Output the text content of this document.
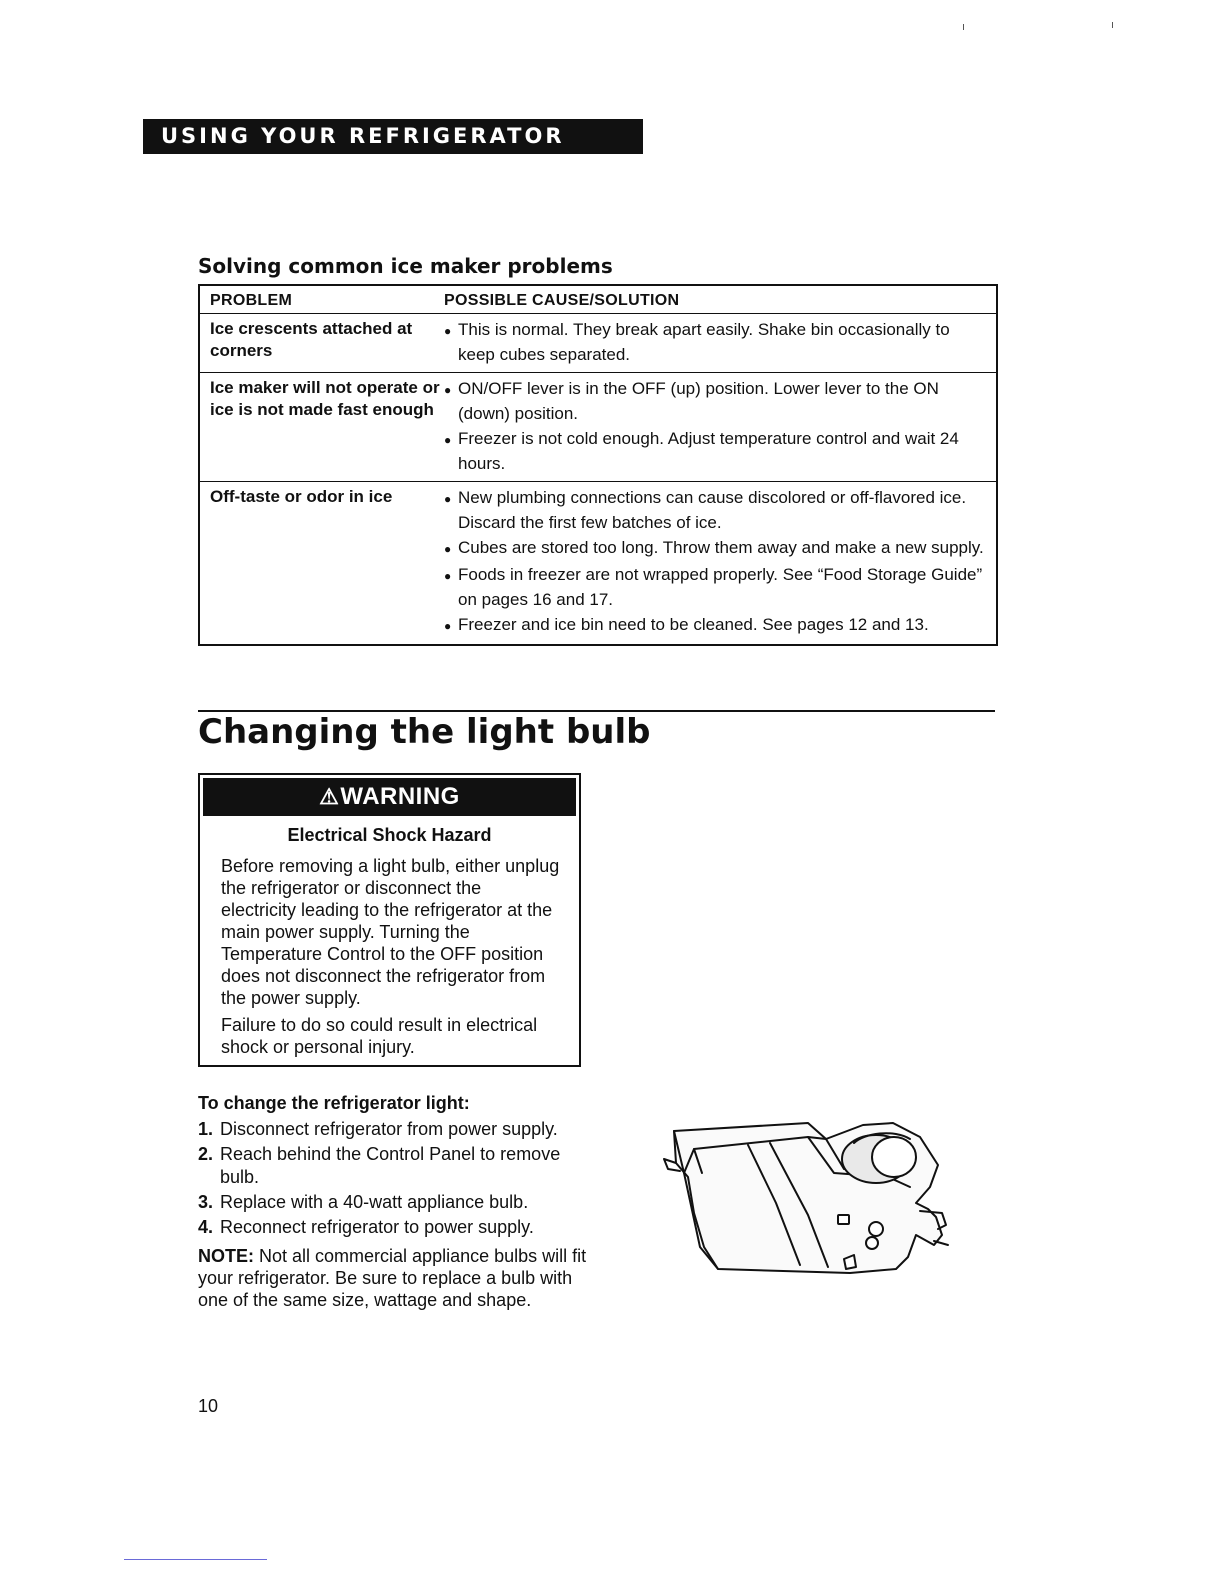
USING YOUR REFRIGERATOR
Solving common ice maker problems
PROBLEM	POSSIBLE CAUSE/SOLUTION
Ice crescents attached at corners
● This is normal. They break apart easily. Shake bin occasionally to keep cubes separated.
Ice maker will not operate or ice is not made fast enough
● ON/OFF lever is in the OFF (up) position. Lower lever to the ON (down) position.
● Freezer is not cold enough. Adjust temperature control and wait 24 hours.
Off-taste or odor in ice	● New plumbing connections can cause discolored or off-flavored ice. Discard the first few batches of ice.
● Cubes are stored too long. Throw them away and make a new supply.
● Foods in freezer are not wrapped properly. See “Food Storage Guide” on pages 16 and 17.
● Freezer and ice bin need to be cleaned. See pages 12 and 13.
Changing the light bulb
⚠WARNING
Electrical Shock Hazard

Before removing a light bulb, either unplug the refrigerator or disconnect the electricity leading to the refrigerator at the main power supply. Turning the Temperature Control to the OFF position does not disconnect the refrigerator from the power supply.

Failure to do so could result in electrical shock or personal injury.

To change the refrigerator light:
1. Disconnect refrigerator from power supply.
2. Reach behind the Control Panel to remove bulb.
3. Replace with a 40-watt appliance bulb.
4. Reconnect refrigerator to power supply.
NOTE: Not all commercial appliance bulbs will fit your refrigerator. Be sure to replace a bulb with one of the same size, wattage and shape.
10
